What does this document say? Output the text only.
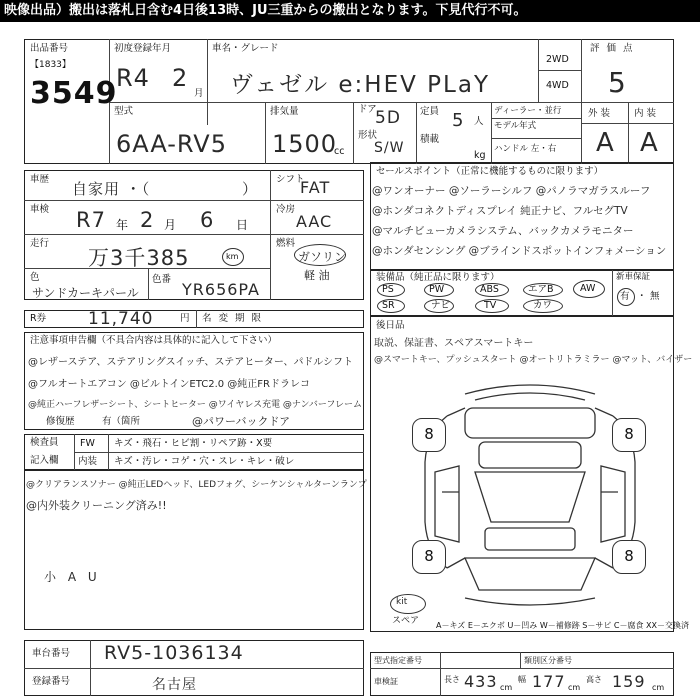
映像出品）搬出は落札日含む4日後13時、JU三重からの搬出となります。下見代行不可。
出品番号
【1833】
3549
初度登録年月
R4 2
月
車名・グレード
ヴェゼル e:HEV PLaY
2WD
4WD
評 価 点
5
外 装	内 装
A A
型式
6AA-RV5
排気量
1500
cc
ドア
5D
形状
S/W
定員 5 人
積載
kg
ディーラー・並行
モデル年式
ハンドル 左・右
車歴
自家用 ・（	）
車検 R7 年 2 月 6 日
走行
万3千385	km
色
サンドカーキパール
色番
YR656PA
シフト
FAT
冷房
AAC
燃料
ガソリン
軽 油
セールスポイント（正常に機能するものに限ります）
@ワンオーナー @ソーラーシルフ @パノラマガラスルーフ
@ホンダコネクトディスプレイ 純正ナビ、フルセグTV
@マルチビューカメラシステム、バックカメラモニター
@ホンダセンシング @ブラインドスポットインフォメーション
装備品（純正品に限ります）	新車保証
PS	PW	ABS	エアB	AW
SR	ナビ	TV	カワ
有 ・ 無
R券 11,740	円 名 変 期 限
注意事項申告欄（不具合内容は具体的に記入して下さい）
@レザーステア、ステアリングスイッチ、ステアヒーター、パドルシフト
@フルオートエアコン @ビルトインETC2.0 @純正FRドラレコ
@純正ハーフレザーシート、シートヒーター @ワイヤレス充電 @ナンバーフレーム
修復歴	有（箇所	@パワーバックドア
検査員
記入欄
FW キズ・飛石・ヒビ割・リペア跡・X要
内装 キズ・汚レ・コゲ・穴・スレ・キレ・破レ
@クリアランスソナー @純正LEDヘッド、LEDフォグ、シーケンシャルターンランプ
@内外装クリーニング済み!!
小 A U
後日品
取説、保証書、スペアスマートキー
@スマートキー、プッシュスタート @オートリトラミラー @マット、バイザー
8	8
8	8
kit
スペア A－キズ E－エクボ U－凹み W－補修跡 S－サビ C－腐食 XX－交換済
車台番号 RV5-1036134
登録番号	名古屋
型式指定番号	類別区分番号
車検証	長さ 433 cm
幅 177 cm
高さ 159 cm
